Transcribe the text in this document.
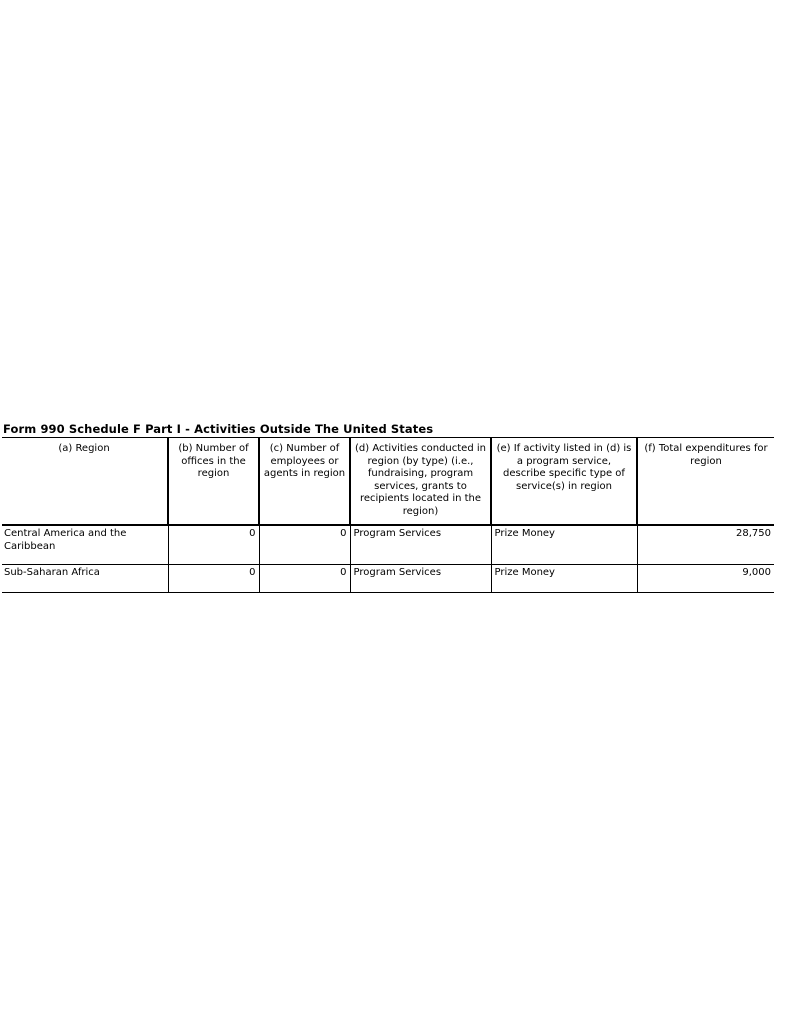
Form 990 Schedule F Part I - Activities Outside The United States
(a) Region	(b) Number of offices in the region	(c) Number of employees or agents in region	(d) Activities conducted in region (by type) (i.e., fundraising, program services, grants to recipients located in the region)	(e) If activity listed in (d) is a program service, describe specific type of service(s) in region	(f) Total expenditures for region
Central America and the Caribbean	0	0	Program Services	Prize Money	28,750
Sub-Saharan Africa	0	0	Program Services	Prize Money	9,000
